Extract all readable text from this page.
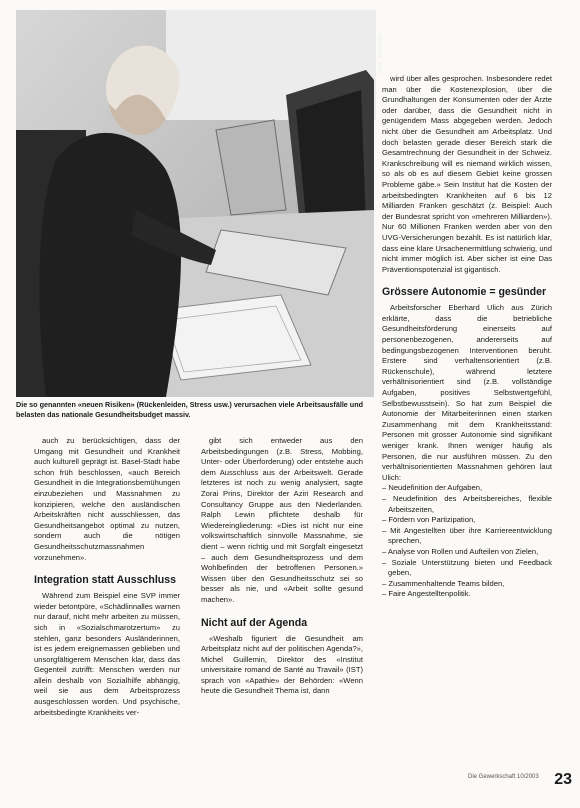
Foto: Keystone
Die so genannten «neuen Risiken» (Rückenleiden, Stress usw.) verursachen viele Arbeitsausfälle und belasten das nationale Gesundheitsbudget massiv.

auch zu berücksichtigen, dass der Umgang mit Gesundheit und Krankheit auch kulturell geprägt ist. Basel-Stadt habe schon früh beschlossen, «auch Bereich Gesundheit in die Integrationsbemühungen einzubeziehen und Massnahmen zu konzipieren, welche den ausländischen Arbeitskräften nicht ausschliessen, das Gesundheitsangebot optimal zu nutzen, sondern auch die nötigen Gesundheitsschutzmassnahmen vorzunehmen».

Integration statt Ausschluss

Während zum Beispiel eine SVP immer wieder betontpüre, «Schädlinnalles warnen nur darauf, nicht mehr arbeiten zu müssen, sich in «Sozialschmarotzertum» zu stehlen, ganz besonders Ausländerinnen, ist es jedem ereignemassen geblieben und unsorgfältigerem Menschen klar, dass das Gegenteil zutrifft: Menschen werden nur allein deshalb von Sozialhilfe abhängig, weil sie aus dem Arbeitsprozess ausgeschlossen worden. Und psychische, arbeitsbedingte Krankheits ver-

gibt sich entweder aus den Arbeitsbedingungen (z.B. Stress, Mobbing, Unter- oder Überforderung) oder entstehe auch dem Ausschluss aus der Arbeitswelt. Gerade letzteres ist noch zu wenig analysiert, sagte Zorai Prins, Direktor der Aziri Research and Consultancy Gruppe aus den Niederlanden. Ralph Lewin pflichtete deshalb für Wiedereingliederung: «Dies ist nicht nur eine volkswirtschaftlich sinnvolle Massnahme, sie dient – wenn richtig und mit Sorgfalt eingesetzt – auch dem Gesundheitsprozess und dem Wohlbefinden der betroffenen Personen.» Wissen über den Gesundheitsschutz sei so besser als nie, und «Arbeit sollte gesund machen».

Nicht auf der Agenda

«Weshalb figuriert die Gesundheit am Arbeitsplatz nicht auf der politischen Agenda?», Michel Guillemin, Direktor des «Institut universitaire romand de Santé au Travail» (IST) sprach von «Apathie» der Behörden: «Wenn heute die Gesundheit Thema ist, dann

wird über alles gesprochen. Insbesondere redet man über die Kostenexplosion, über die Grundhaltungen der Konsumenten oder der Ärzte oder darüber, dass die Gesundheit nicht in genügendem Mass abgegeben werden. Jedoch nicht über die Gesundheit am Arbeitsplatz. Und doch belasten gerade dieser Bereich stark die Gesamtrechnung der Gesundheit in der Schweiz. Krankschreibung will es niemand wirklich wissen, so als ob es auf diesem Gebiet keine grossen Probleme gäbe.» Sein Institut hat die Kosten der arbeitsbedingten Krankheiten auf 6 bis 12 Milliarden Franken geschätzt (z. Beispiel: Auch der Bundesrat spricht von «mehreren Milliarden»). Nur 60 Millionen Franken werden aber von den UVG-Versicherungen bezahlt. Es ist natürlich klar, dass eine klare Ursachenermittlung schwierig, und nicht immer möglich ist. Aber sicher ist eine Das Präventionspotenzial ist gigantisch.

Grössere Autonomie = gesünder

Arbeitsforscher Eberhard Ulich aus Zürich erklärte, dass die betriebliche Gesundheitsförderung einerseits auf personenbezogenen, andererseits auf bedingungsbezogenen Interventionen beruht. Erstere sind verhaltensorientiert (z.B. Rückenschule), während letztere verhältnisorientiert sind (z.B. vollständige Aufgaben, positives Selbstwertgefühl, Selbstbewusstsein). So hat zum Beispiel die Autonomie der Mitarbeiterinnen einen starken Zusammenhang mit dem Krankheitsstand: Personen mit grosser Autonomie sind signifikant weniger krank. Ihnen weniger häufig als Personen, die nur ausführen müssen. Zu den verhältnisorientierten Massnahmen gehören laut Ulich:

– Neudefinition der Aufgaben,
– Neudefinition des Arbeitsbereiches, flexible Arbeitszeiten,
– Fördern von Partizipation,
– Mit Angestellten über ihre Karriereentwicklung sprechen,
– Analyse von Rollen und Aufteilen von Zielen,
– Soziale Unterstützung bieten und Feedback geben,
– Zusammenhaltende Teams bilden,
– Faire Angestelltenpolitik.
Die Gewerkschaft 10/2003 23
